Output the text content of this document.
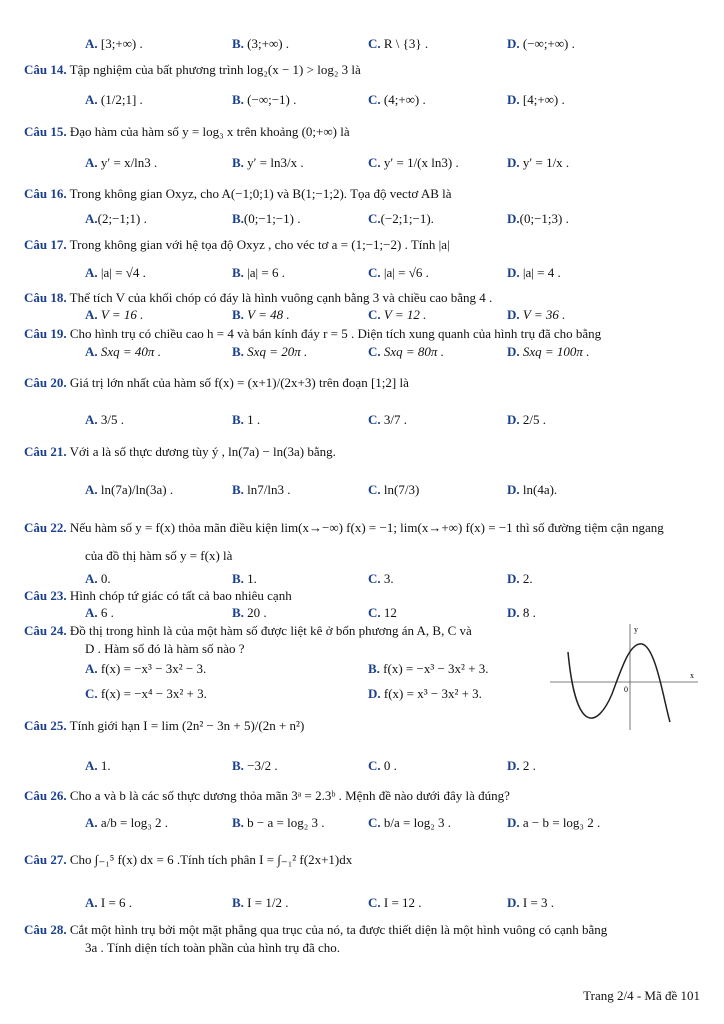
A. [3;+∞) .	B. (3;+∞) .	C. R \ {3} .	D. (−∞;+∞) .
Câu 14. Tập nghiệm của bất phương trình log₂(x − 1) > log₂ 3 là
A. (1/2;1] .	B. (−∞;−1) .	C. (4;+∞) .	D. [4;+∞) .
Câu 15. Đạo hàm của hàm số y = log₃ x trên khoảng (0;+∞) là
A. y′ = x/ln3 .	B. y′ = ln3/x .	C. y′ = 1/(x ln3) .	D. y′ = 1/x .
Câu 16. Trong không gian Oxyz, cho A(−1;0;1) và B(1;−1;2). Tọa độ vectơ AB là
A.(2;−1;1) .	B.(0;−1;−1) .	C.(−2;1;−1).	D.(0;−1;3) .
Câu 17. Trong không gian với hệ tọa độ Oxyz , cho véc tơ a = (1;−1;−2) . Tính |a|
A. |a| = √4 .	B. |a| = 6 .	C. |a| = √6 .	D. |a| = 4 .
Câu 18. Thể tích V của khối chóp có đáy là hình vuông cạnh bằng 3 và chiều cao bằng 4 .
A. V = 16 .	B. V = 48 .	C. V = 12 .	D. V = 36 .
Câu 19. Cho hình trụ có chiều cao h = 4 và bán kính đáy r = 5 . Diện tích xung quanh của hình trụ đã cho bằng
A. Sxq = 40π .	B. Sxq = 20π .	C. Sxq = 80π .	D. Sxq = 100π .
Câu 20. Giá trị lớn nhất của hàm số f(x) = (x+1)/(2x+3) trên đoạn [1;2] là
A. 3/5 .	B. 1 .	C. 3/7 .	D. 2/5 .
Câu 21. Với a là số thực dương tùy ý , ln(7a) − ln(3a) bằng.
A. ln(7a)/ln(3a) .	B. ln7/ln3 .	C. ln(7/3)	D. ln(4a).
Câu 22. Nếu hàm số y = f(x) thỏa mãn điều kiện lim(x→−∞) f(x) = −1; lim(x→+∞) f(x) = −1 thì số đường tiệm cận ngang
của đồ thị hàm số y = f(x) là
A. 0.	B. 1.	C. 3.	D. 2.
Câu 23. Hình chóp tứ giác có tất cả bao nhiêu cạnh
A. 6 .	B. 20 .	C. 12	D. 8 .
Câu 24. Đồ thị trong hình là của một hàm số được liệt kê ở bốn phương án A, B, C và
D . Hàm số đó là hàm số nào ?
A. f(x) = −x³ − 3x² − 3.	B. f(x) = −x³ − 3x² + 3.
C. f(x) = −x⁴ − 3x² + 3.	D. f(x) = x³ − 3x² + 3.
y
x
0
Câu 25. Tính giới hạn I = lim (2n² − 3n + 5)/(2n + n²)
A. 1.	B. −3/2 .	C. 0 .	D. 2 .
Câu 26. Cho a và b là các số thực dương thỏa mãn 3ᵃ = 2.3ᵇ . Mệnh đề nào dưới đây là đúng?
A. a/b = log₃ 2 .	B. b − a = log₂ 3 .	C. b/a = log₂ 3 .	D. a − b = log₃ 2 .
Câu 27. Cho ∫₋₁⁵ f(x) dx = 6 .Tính tích phân I = ∫₋₁² f(2x+1)dx
A. I = 6 .	B. I = 1/2 .	C. I = 12 .	D. I = 3 .
Câu 28. Cắt một hình trụ bởi một mặt phẳng qua trục của nó, ta được thiết diện là một hình vuông có cạnh bằng
3a . Tính diện tích toàn phần của hình trụ đã cho.
Trang 2/4 - Mã đề 101
